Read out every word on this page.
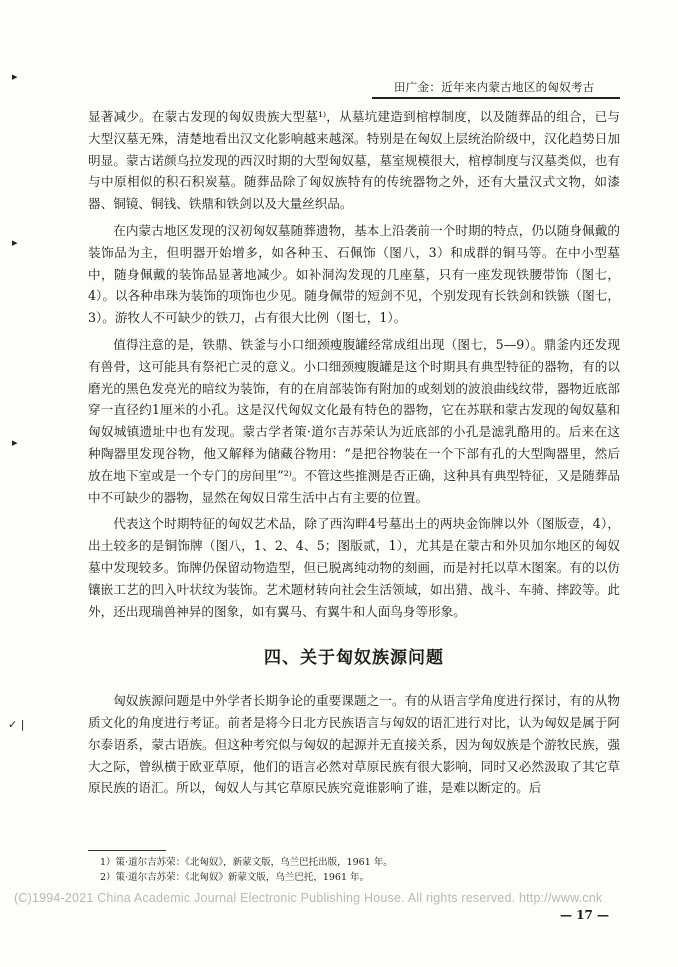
田广金：近年来内蒙古地区的匈奴考古
▸
▸
▸
✓ |

显著减少。在蒙古发现的匈奴贵族大型墓¹⁾，从墓坑建造到棺椁制度，以及随葬品的组合，已与大型汉墓无殊，清楚地看出汉文化影响越来越深。特别是在匈奴上层统治阶级中，汉化趋势日加明显。蒙古诺颜乌拉发现的西汉时期的大型匈奴墓，墓室规模很大，棺椁制度与汉墓类似，也有与中原相似的积石积炭墓。随葬品除了匈奴族特有的传统器物之外，还有大量汉式文物，如漆器、铜镜、铜钱、铁鼎和铁剑以及大量丝织品。

在内蒙古地区发现的汉初匈奴墓随葬遗物，基本上沿袭前一个时期的特点，仍以随身佩戴的装饰品为主，但明器开始增多，如各种玉、石佩饰（图八，3）和成群的铜马等。在中小型墓中，随身佩戴的装饰品显著地减少。如补洞沟发现的几座墓，只有一座发现铁腰带饰（图七，4）。以各种串珠为装饰的项饰也少见。随身佩带的短剑不见，个别发现有长铁剑和铁镞（图七，3）。游牧人不可缺少的铁刀，占有很大比例（图七，1）。

值得注意的是，铁鼎、铁釜与小口细颈瘦腹罐经常成组出现（图七，5—9）。鼎釜内还发现有兽骨，这可能具有祭祀亡灵的意义。小口细颈瘦腹罐是这个时期具有典型特征的器物，有的以磨光的黑色发亮光的暗纹为装饰，有的在肩部装饰有附加的或刻划的波浪曲线纹带，器物近底部穿一直径约1厘米的小孔。这是汉代匈奴文化最有特色的器物，它在苏联和蒙古发现的匈奴墓和匈奴城镇遗址中也有发现。蒙古学者策·道尔吉苏荣认为近底部的小孔是滤乳酪用的。后来在这种陶器里发现谷物，他又解释为储藏谷物用：“是把谷物装在一个下部有孔的大型陶器里，然后放在地下室或是一个专门的房间里”²⁾。不管这些推测是否正确，这种具有典型特征，又是随葬品中不可缺少的器物，显然在匈奴日常生活中占有主要的位置。

代表这个时期特征的匈奴艺术品，除了西沟畔4号墓出土的两块金饰牌以外（图版壹，4），出土较多的是铜饰牌（图八，1、2、4、5；图版贰，1），尤其是在蒙古和外贝加尔地区的匈奴墓中发现较多。饰牌仍保留动物造型，但已脱离纯动物的刻画，而是衬托以草木图案。有的以仿镶嵌工艺的凹入叶状纹为装饰。艺术题材转向社会生活领域，如出猎、战斗、车骑、摔跤等。此外，还出现瑞兽神异的图象，如有翼马、有翼牛和人面鸟身等形象。

四、关于匈奴族源问题

匈奴族源问题是中外学者长期争论的重要课题之一。有的从语言学角度进行探讨，有的从物质文化的角度进行考证。前者是将今日北方民族语言与匈奴的语汇进行对比，认为匈奴是属于阿尔泰语系，蒙古语族。但这种考究似与匈奴的起源并无直接关系，因为匈奴族是个游牧民族，强大之际，曾纵横于欧亚草原，他们的语言必然对草原民族有很大影响，同时又必然汲取了其它草原民族的语汇。所以，匈奴人与其它草原民族究竟谁影响了谁，是难以断定的。后

1）策·道尔吉苏荣：《北匈奴》，新蒙文版，乌兰巴托出版，1961 年。
2）策·道尔吉苏荣：《北匈奴》新蒙文版，乌兰巴托，1961 年。
(C)1994-2021 China Academic Journal Electronic Publishing House. All rights reserved. http://www.cnk
— 17 —
